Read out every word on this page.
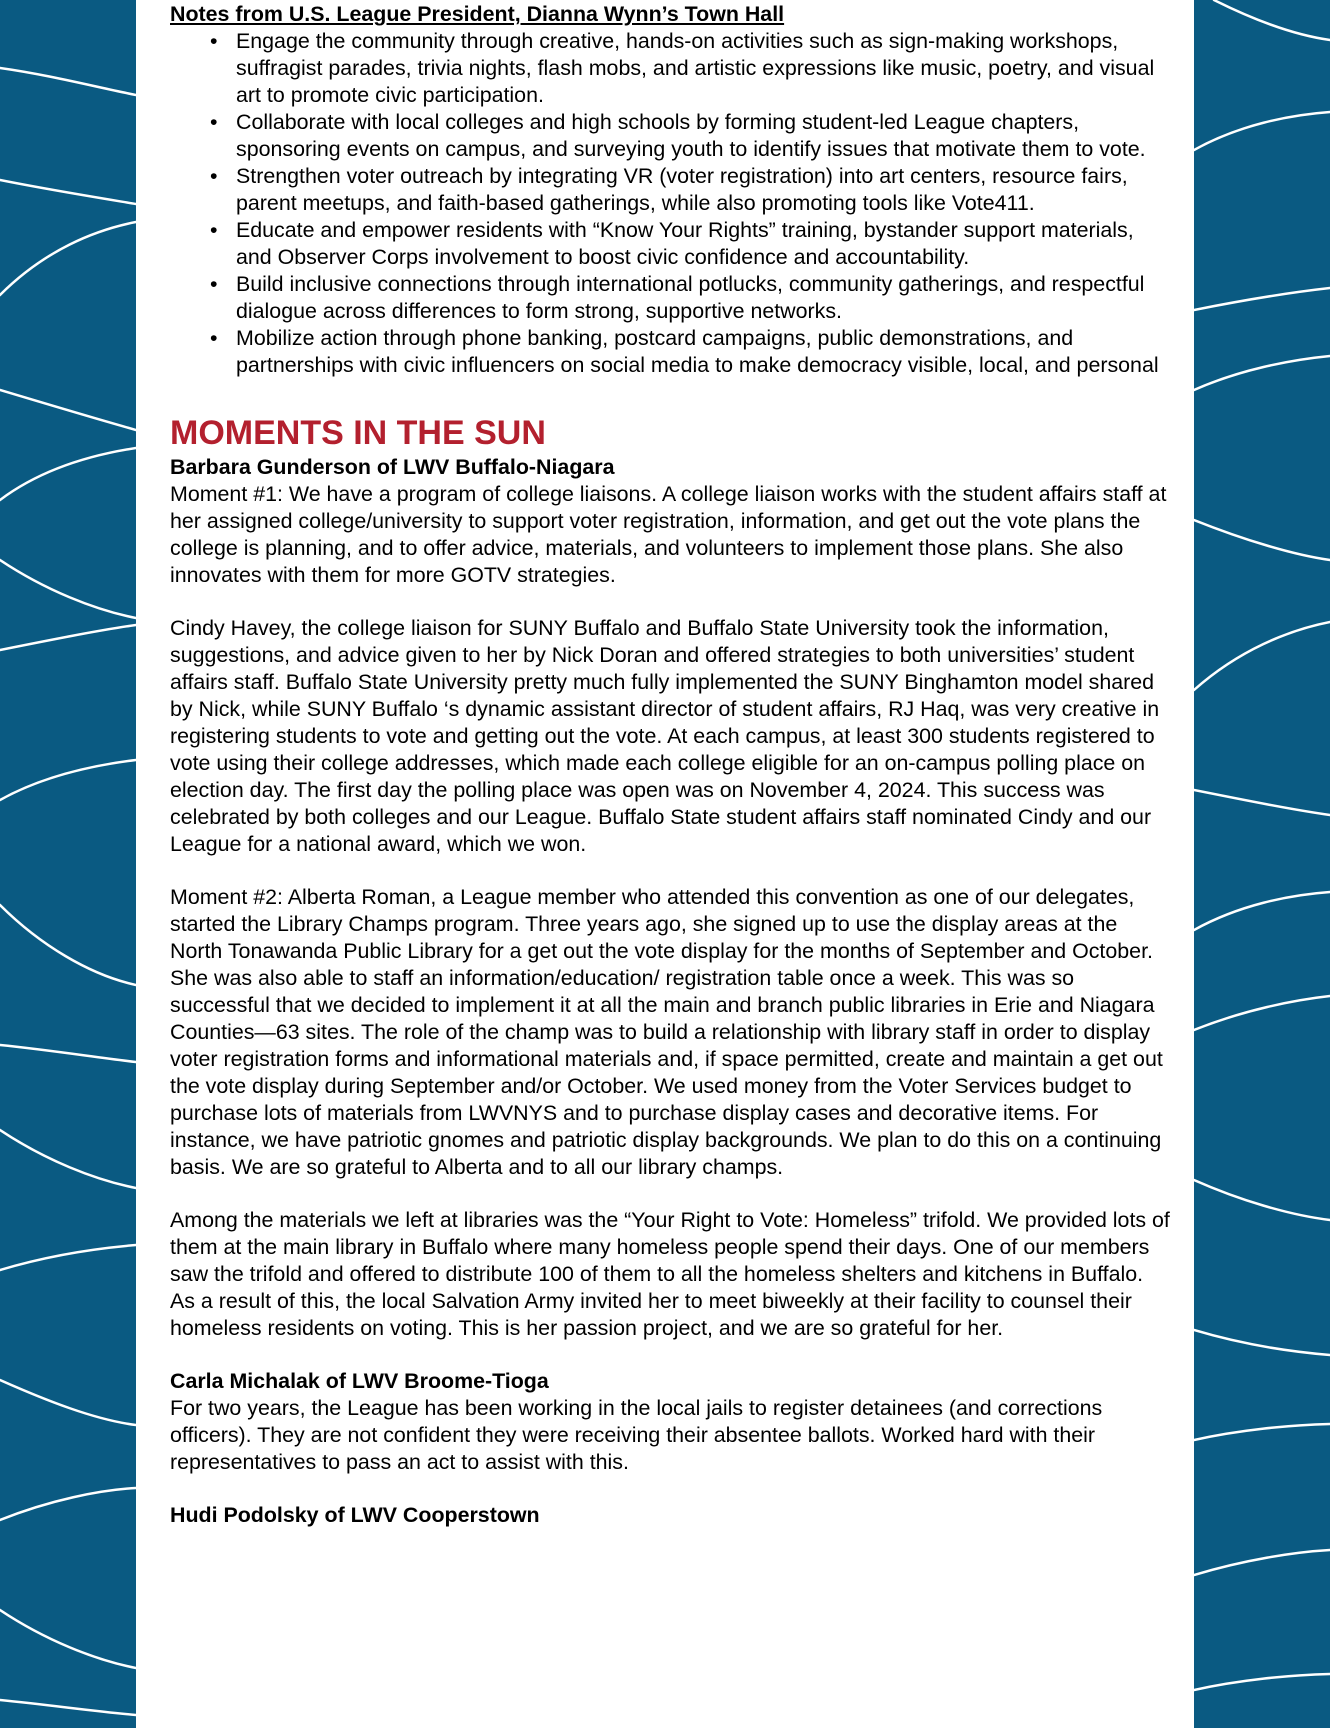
Notes from U.S. League President, Dianna Wynn’s Town Hall

• Engage the community through creative, hands-on activities such as sign-making workshops, suffragist parades, trivia nights, flash mobs, and artistic expressions like music, poetry, and visual art to promote civic participation.
• Collaborate with local colleges and high schools by forming student-led League chapters, sponsoring events on campus, and surveying youth to identify issues that motivate them to vote.
• Strengthen voter outreach by integrating VR (voter registration) into art centers, resource fairs, parent meetups, and faith-based gatherings, while also promoting tools like Vote411.
• Educate and empower residents with “Know Your Rights” training, bystander support materials, and Observer Corps involvement to boost civic confidence and accountability.
• Build inclusive connections through international potlucks, community gatherings, and respectful dialogue across differences to form strong, supportive networks.
• Mobilize action through phone banking, postcard campaigns, public demonstrations, and partnerships with civic influencers on social media to make democracy visible, local, and personal
MOMENTS IN THE SUN

Barbara Gunderson of LWV Buffalo-Niagara

Moment #1: We have a program of college liaisons. A college liaison works with the student affairs staff at her assigned college/university to support voter registration, information, and get out the vote plans the college is planning, and to offer advice, materials, and volunteers to implement those plans. She also innovates with them for more GOTV strategies.

Cindy Havey, the college liaison for SUNY Buffalo and Buffalo State University took the information, suggestions, and advice given to her by Nick Doran and offered strategies to both universities’ student affairs staff. Buffalo State University pretty much fully implemented the SUNY Binghamton model shared by Nick, while SUNY Buffalo ‘s dynamic assistant director of student affairs, RJ Haq, was very creative in registering students to vote and getting out the vote. At each campus, at least 300 students registered to vote using their college addresses, which made each college eligible for an on-campus polling place on election day. The first day the polling place was open was on November 4, 2024. This success was celebrated by both colleges and our League. Buffalo State student affairs staff nominated Cindy and our League for a national award, which we won.

Moment #2: Alberta Roman, a League member who attended this convention as one of our delegates, started the Library Champs program. Three years ago, she signed up to use the display areas at the North Tonawanda Public Library for a get out the vote display for the months of September and October. She was also able to staff an information/education/ registration table once a week. This was so successful that we decided to implement it at all the main and branch public libraries in Erie and Niagara Counties—63 sites. The role of the champ was to build a relationship with library staff in order to display voter registration forms and informational materials and, if space permitted, create and maintain a get out the vote display during September and/or October. We used money from the Voter Services budget to purchase lots of materials from LWVNYS and to purchase display cases and decorative items. For instance, we have patriotic gnomes and patriotic display backgrounds. We plan to do this on a continuing basis. We are so grateful to Alberta and to all our library champs.

Among the materials we left at libraries was the “Your Right to Vote: Homeless” trifold. We provided lots of them at the main library in Buffalo where many homeless people spend their days. One of our members saw the trifold and offered to distribute 100 of them to all the homeless shelters and kitchens in Buffalo. As a result of this, the local Salvation Army invited her to meet biweekly at their facility to counsel their homeless residents on voting. This is her passion project, and we are so grateful for her.

Carla Michalak of LWV Broome-Tioga

For two years, the League has been working in the local jails to register detainees (and corrections officers). They are not confident they were receiving their absentee ballots. Worked hard with their representatives to pass an act to assist with this.

Hudi Podolsky of LWV Cooperstown
